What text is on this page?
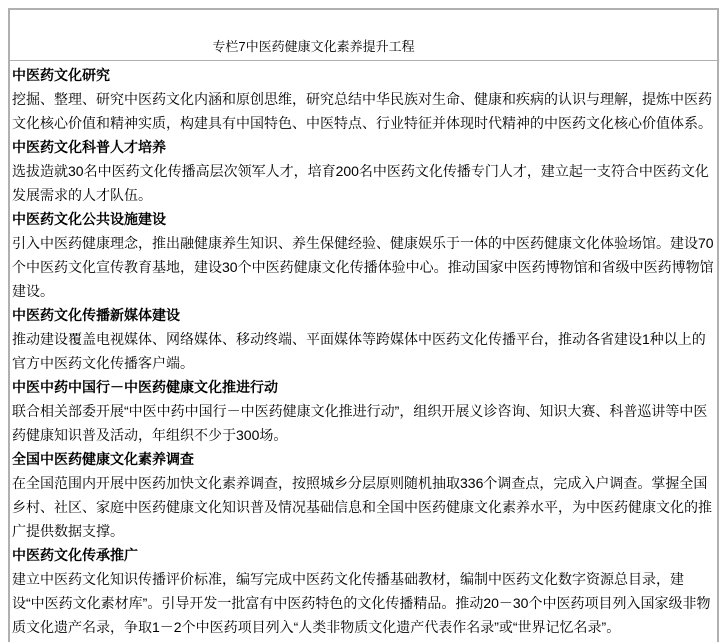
专栏7中医药健康文化素养提升工程

中医药文化研究

挖掘、整理、研究中医药文化内涵和原创思维，研究总结中华民族对生命、健康和疾病的认识与理解，提炼中医药文化核心价值和精神实质，构建具有中国特色、中医特点、行业特征并体现时代精神的中医药文化核心价值体系。

中医药文化科普人才培养

选拔造就30名中医药文化传播高层次领军人才，培育200名中医药文化传播专门人才，建立起一支符合中医药文化发展需求的人才队伍。

中医药文化公共设施建设

引入中医药健康理念，推出融健康养生知识、养生保健经验、健康娱乐于一体的中医药健康文化体验场馆。建设70个中医药文化宣传教育基地，建设30个中医药健康文化传播体验中心。推动国家中医药博物馆和省级中医药博物馆建设。

中医药文化传播新媒体建设

推动建设覆盖电视媒体、网络媒体、移动终端、平面媒体等跨媒体中医药文化传播平台，推动各省建设1种以上的官方中医药文化传播客户端。

中医中药中国行－中医药健康文化推进行动

联合相关部委开展“中医中药中国行－中医药健康文化推进行动”，组织开展义诊咨询、知识大赛、科普巡讲等中医药健康知识普及活动，年组织不少于300场。

全国中医药健康文化素养调查

在全国范围内开展中医药加快文化素养调查，按照城乡分层原则随机抽取336个调查点，完成入户调查。掌握全国乡村、社区、家庭中医药健康文化知识普及情况基础信息和全国中医药健康文化素养水平，为中医药健康文化的推广提供数据支撑。

中医药文化传承推广

建立中医药文化知识传播评价标准，编写完成中医药文化传播基础教材，编制中医药文化数字资源总目录，建设“中医药文化素材库”。引导开发一批富有中医药特色的文化传播精品。推动20－30个中医药项目列入国家级非物质文化遗产名录，争取1－2个中医药项目列入“人类非物质文化遗产代表作名录”或“世界记忆名录”。
